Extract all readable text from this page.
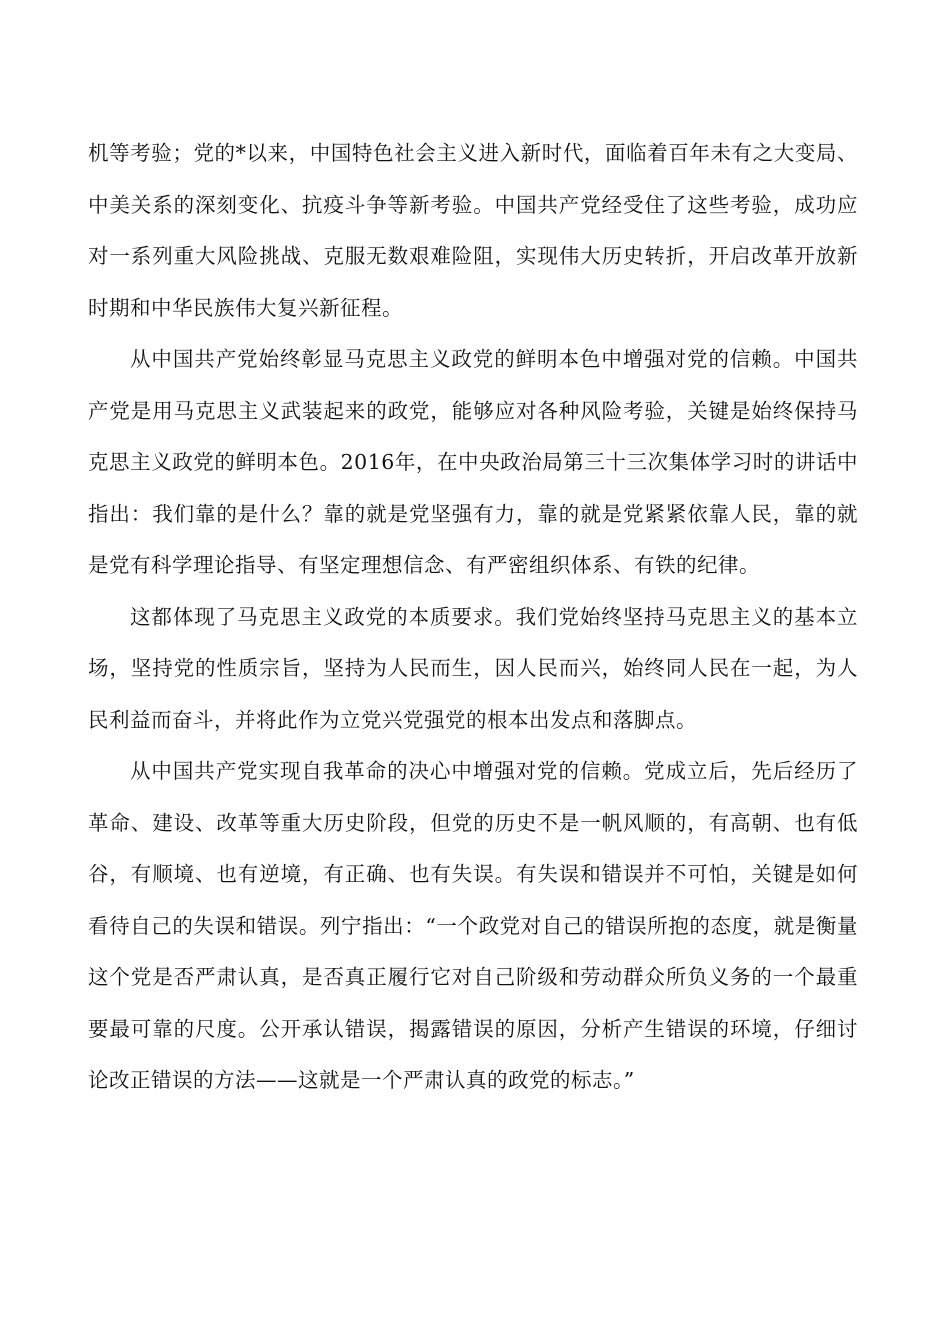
机等考验；党的*以来，中国特色社会主义进入新时代，面临着百年未有之大变局、中美关系的深刻变化、抗疫斗争等新考验。中国共产党经受住了这些考验，成功应对一系列重大风险挑战、克服无数艰难险阻，实现伟大历史转折，开启改革开放新时期和中华民族伟大复兴新征程。

从中国共产党始终彰显马克思主义政党的鲜明本色中增强对党的信赖。中国共产党是用马克思主义武装起来的政党，能够应对各种风险考验，关键是始终保持马克思主义政党的鲜明本色。2016年，在中央政治局第三十三次集体学习时的讲话中指出：我们靠的是什么？靠的就是党坚强有力，靠的就是党紧紧依靠人民，靠的就是党有科学理论指导、有坚定理想信念、有严密组织体系、有铁的纪律。

这都体现了马克思主义政党的本质要求。我们党始终坚持马克思主义的基本立场，坚持党的性质宗旨，坚持为人民而生，因人民而兴，始终同人民在一起，为人民利益而奋斗，并将此作为立党兴党强党的根本出发点和落脚点。

从中国共产党实现自我革命的决心中增强对党的信赖。党成立后，先后经历了革命、建设、改革等重大历史阶段，但党的历史不是一帆风顺的，有高朝、也有低谷，有顺境、也有逆境，有正确、也有失误。有失误和错误并不可怕，关键是如何看待自己的失误和错误。列宁指出：“一个政党对自己的错误所抱的态度，就是衡量这个党是否严肃认真，是否真正履行它对自己阶级和劳动群众所负义务的一个最重要最可靠的尺度。公开承认错误，揭露错误的原因，分析产生错误的环境，仔细讨论改正错误的方法——这就是一个严肃认真的政党的标志。”
